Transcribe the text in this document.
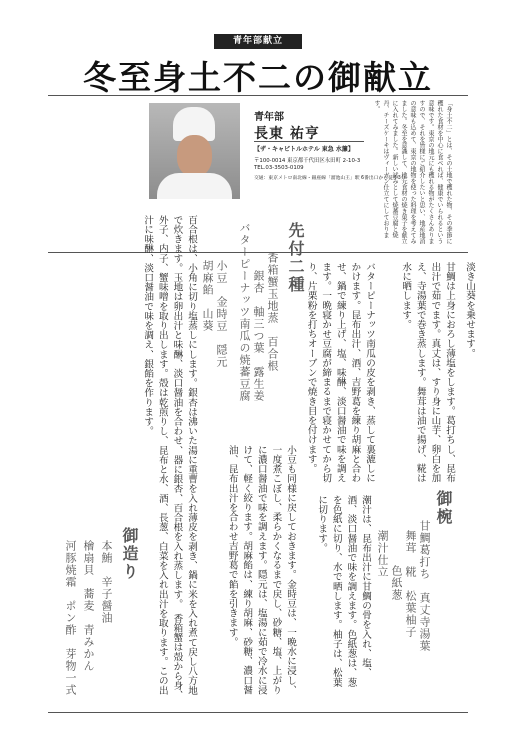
青年部献立
冬至身土不二の御献立
青年部
長東 祐亨
【ザ・キャピトルホテル 東急 水簾】
〒100-0014 東京都千代田区永田町 2-10-3
TEL.03-3503-0109
交通：東京メトロ南北線・銀座線「溜池山王」駅 6番出口から徒歩3分	「身土不二」とは、その土地で穫れた物、その季節に穫れた食材を中心に食べれば、健康でいられるという意味です。東京の地元にも穫れる物がたくさんありますので、それを皆様にご紹介したいと思い、地産地消の意味も込めて、東京の地物を使った料理を考えてみました。冬至を意識して、地元食材の焼き菓子を献立に入れてみました。新しい試みとして焼蕃豆腐と焼丹、チーズケーキはヴィーガン仕立てにしております。
先付二種
香箱蟹玉地蒸　百合根
銀杏　軸三つ葉　露生姜
バターピーナッツ南瓜の焼蕃豆腐
小豆　金時豆　隠元
胡麻餡　山葵
百合根は、小角に切り塩蒸しにします。銀杏は沸いた湯に重曹を入れ薄皮を剥き、鍋に米を入れ煮て戻し八方地で炊きます。玉地は卵出汁と味醂、淡口醤油を合わせ、器に銀杏、百合根を入れ蒸します。　香箱蟹は殻から身、外子、内子、蟹味噌を取り出します。殻は乾煎りし、昆布と水、酒、長葱、白菜を入れ出汁を取ります。この出汁に味醂、淡口醤油で味を調え、銀餡を作ります。	バターピーナッツ南瓜の皮を剥き、蒸して裏漉しにかけます。昆布出汁、酒、吉野葛を練り胡麻と合わせ、鍋で練り上げ、塩、味醂、淡口醤油で味を調えます。一晩寝かせ豆腐が締まるまで寝かせてから切り、片栗粉を打ちオーブンで焼き目を付けます。
小豆も同様に戻しておきます。金時豆は、一晩水に浸し、一度煮こぼし、柔らかくなるまで戻し、砂糖、塩、上がりに濃口醤油で味を調えます。隠元は、塩湯に茹で冷水に浸けて、軽く絞ります。胡麻餡は、練り胡麻、砂糖、濃口醤油、昆布出汁を合わせ吉野葛で餡を引きます。	御椀
甘鯛葛打ち　真丈寺湯葉
舞茸　糀　松葉柚子
色紙葱
潮汁仕立
甘鯛は上身におろし薄塩をします。葛打ちし、昆布出汁で茹でます。真丈は、すり身に山芋、卵白を加え、寺湯葉で巻き蒸します。舞茸は油で揚げ、糀は水に晒します。
潮汁は、昆布出汁に甘鯛の骨を入れ、塩、酒、淡口醤油で味を調えます。色紙葱は、葱を色紙に切り、水で晒します。柚子は、松葉に切ります。
淡き山葵を乗せます。
御造り
本鮪　辛子醤油
檜扇貝　蕎麦　青みかん
河豚焼霜　ポン酢　芽物一式
